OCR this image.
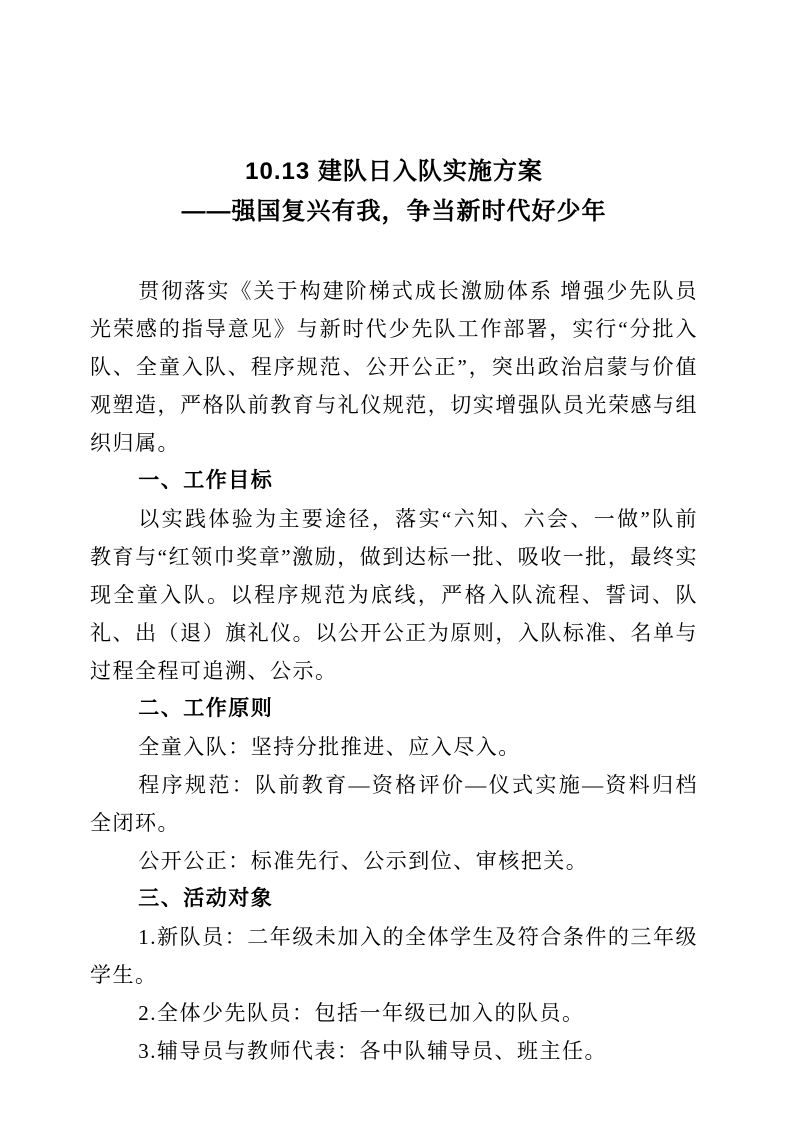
10.13 建队日入队实施方案
——强国复兴有我，争当新时代好少年

贯彻落实《关于构建阶梯式成长激励体系 增强少先队员光荣感的指导意见》与新时代少先队工作部署，实行“分批入队、全童入队、程序规范、公开公正”，突出政治启蒙与价值观塑造，严格队前教育与礼仪规范，切实增强队员光荣感与组织归属。

一、工作目标

以实践体验为主要途径，落实“六知、六会、一做”队前教育与“红领巾奖章”激励，做到达标一批、吸收一批，最终实现全童入队。以程序规范为底线，严格入队流程、誓词、队礼、出（退）旗礼仪。以公开公正为原则，入队标准、名单与过程全程可追溯、公示。

二、工作原则

全童入队：坚持分批推进、应入尽入。

程序规范：队前教育—资格评价—仪式实施—资料归档全闭环。

公开公正：标准先行、公示到位、审核把关。

三、活动对象

1.新队员：二年级未加入的全体学生及符合条件的三年级学生。

2.全体少先队员：包括一年级已加入的队员。

3.辅导员与教师代表：各中队辅导员、班主任。
